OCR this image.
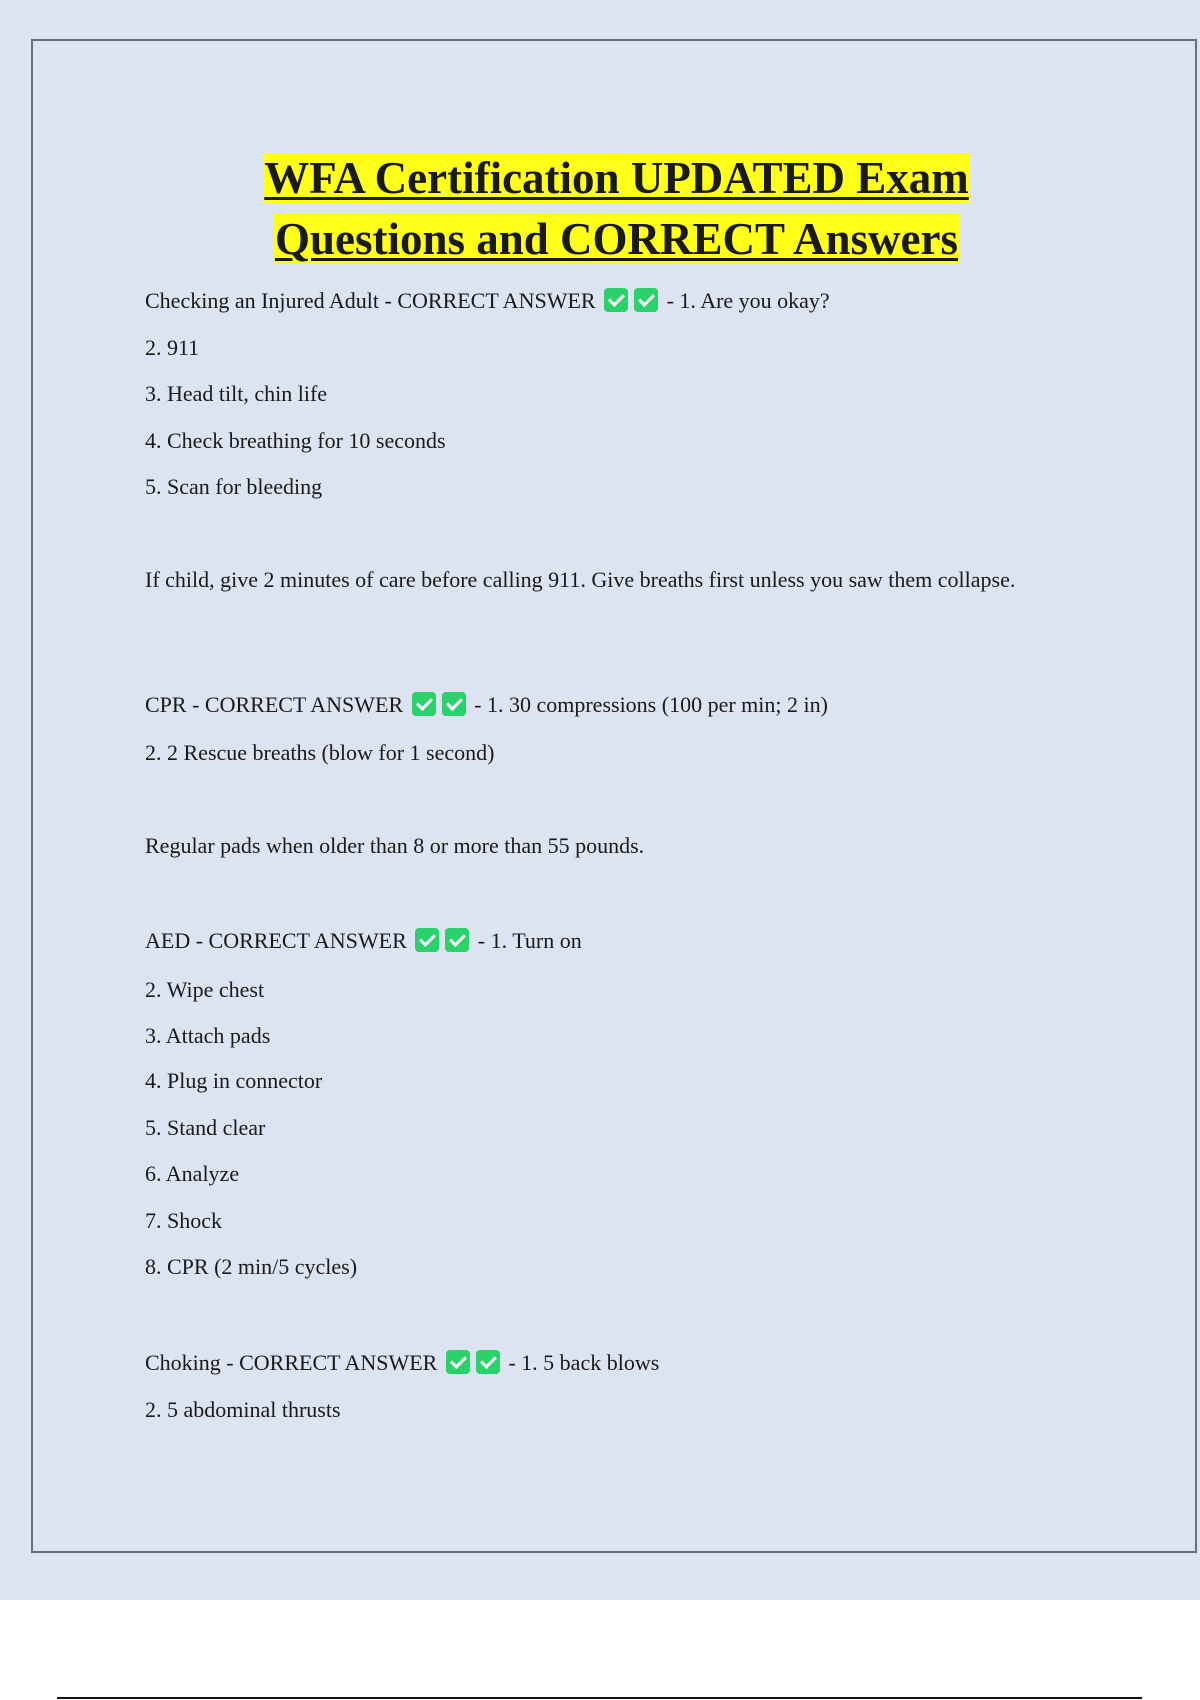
WFA Certification UPDATED Exam
Questions and CORRECT Answers
Checking an Injured Adult - CORRECT ANSWER	- 1. Are you okay?
2. 911
3. Head tilt, chin life
4. Check breathing for 10 seconds
5. Scan for bleeding
If child, give 2 minutes of care before calling 911. Give breaths first unless you saw them collapse.
CPR - CORRECT ANSWER	- 1. 30 compressions (100 per min; 2 in)
2. 2 Rescue breaths (blow for 1 second)
Regular pads when older than 8 or more than 55 pounds.
AED - CORRECT ANSWER	- 1. Turn on
2. Wipe chest
3. Attach pads
4. Plug in connector
5. Stand clear
6. Analyze
7. Shock
8. CPR (2 min/5 cycles)
Choking - CORRECT ANSWER	- 1. 5 back blows
2. 5 abdominal thrusts
